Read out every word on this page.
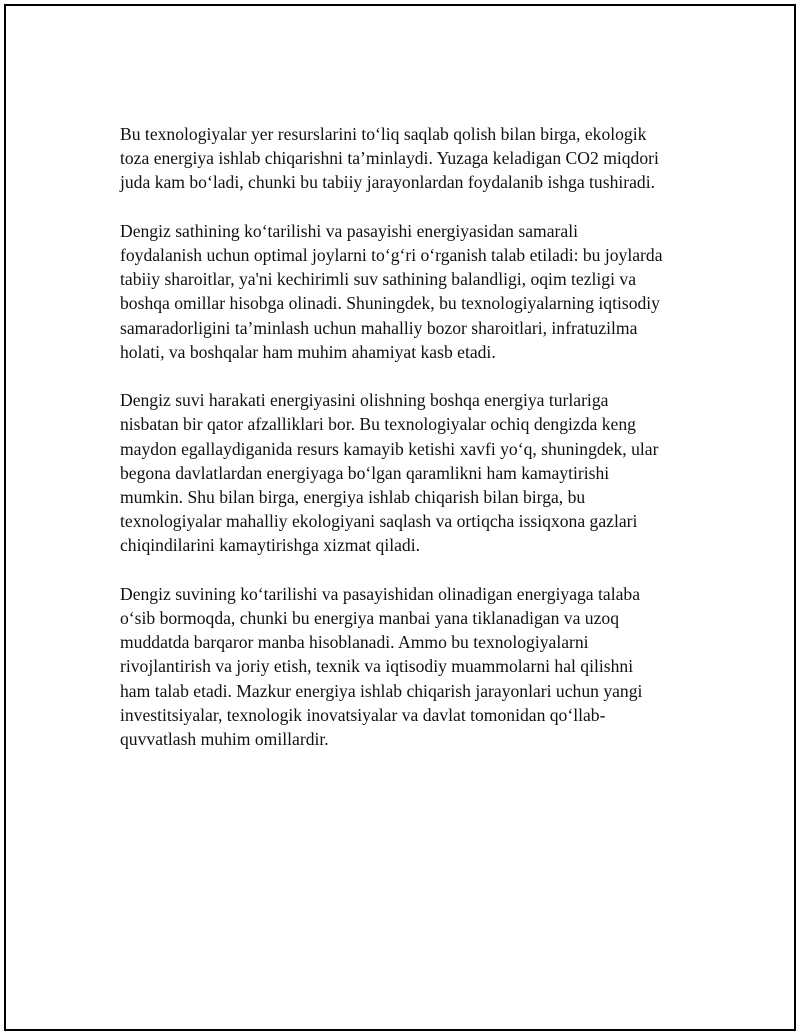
Bu texnologiyalar yer resurslarini to‘liq saqlab qolish bilan birga, ekologik
toza energiya ishlab chiqarishni ta’minlaydi. Yuzaga keladigan CO2 miqdori
juda kam bo‘ladi, chunki bu tabiiy jarayonlardan foydalanib ishga tushiradi.

Dengiz sathining ko‘tarilishi va pasayishi energiyasidan samarali
foydalanish uchun optimal joylarni to‘g‘ri o‘rganish talab etiladi: bu joylarda
tabiiy sharoitlar, ya'ni kechirimli suv sathining balandligi, oqim tezligi va
boshqa omillar hisobga olinadi. Shuningdek, bu texnologiyalarning iqtisodiy
samaradorligini ta’minlash uchun mahalliy bozor sharoitlari, infratuzilma
holati, va boshqalar ham muhim ahamiyat kasb etadi.

Dengiz suvi harakati energiyasini olishning boshqa energiya turlariga
nisbatan bir qator afzalliklari bor. Bu texnologiyalar ochiq dengizda keng
maydon egallaydiganida resurs kamayib ketishi xavfi yo‘q, shuningdek, ular
begona davlatlardan energiyaga bo‘lgan qaramlikni ham kamaytirishi
mumkin. Shu bilan birga, energiya ishlab chiqarish bilan birga, bu
texnologiyalar mahalliy ekologiyani saqlash va ortiqcha issiqxona gazlari
chiqindilarini kamaytirishga xizmat qiladi.

Dengiz suvining ko‘tarilishi va pasayishidan olinadigan energiyaga talaba
o‘sib bormoqda, chunki bu energiya manbai yana tiklanadigan va uzoq
muddatda barqaror manba hisoblanadi. Ammo bu texnologiyalarni
rivojlantirish va joriy etish, texnik va iqtisodiy muammolarni hal qilishni
ham talab etadi. Mazkur energiya ishlab chiqarish jarayonlari uchun yangi
investitsiyalar, texnologik inovatsiyalar va davlat tomonidan qo‘llab-
quvvatlash muhim omillardir.
